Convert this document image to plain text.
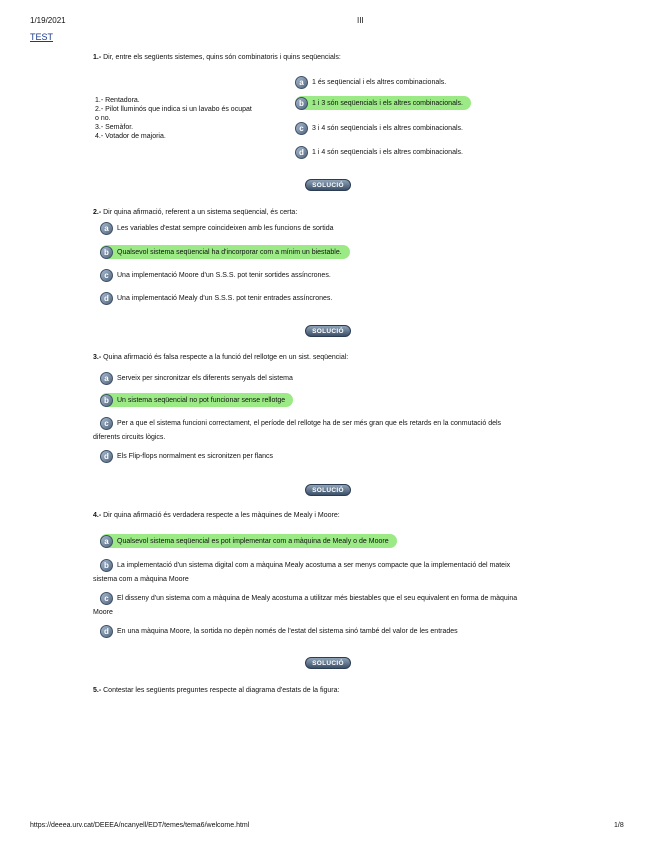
1/19/2021	III
TEST
1.- Dir, entre els següents sistemes, quins són combinatoris i quins seqüencials:
1.- Rentadora.
2.- Pilot lluminós que indica si un lavabo és ocupat
o no.
3.- Semàfor.
4.- Votador de majoria.
a	1 és seqüencial i els altres combinacionals.
b	1 i 3 són seqüencials i els altres combinacionals.
c	3 i 4 són seqüencials i els altres combinacionals.
d	1 i 4 són seqüencials i els altres combinacionals.
SOLUCIÓ
2.- Dir quina afirmació, referent a un sistema seqüencial, és certa:
a	Les variables d'estat sempre coincideixen amb les funcions de sortida
b	Qualsevol sistema seqüencial ha d'incorporar com a mínim un biestable.
c	Una implementació Moore d'un S.S.S. pot tenir sortides assíncrones.
d	Una implementació Mealy d'un S.S.S. pot tenir entrades assíncrones.
SOLUCIÓ
3.- Quina afirmació és falsa respecte a la funció del rellotge en un sist. seqüencial:
a	Serveix per sincronitzar els diferents senyals del sistema
b	Un sistema seqüencial no pot funcionar sense rellotge
c	Per a que el sistema funcioni correctament, el període del rellotge ha de ser més gran que els retards en la conmutació dels
diferents circuits lògics.
d	Els Flip-flops normalment es sicronitzen per flancs
SOLUCIÓ
4.- Dir quina afirmació és verdadera respecte a les màquines de Mealy i Moore:
a	Qualsevol sistema seqüencial es pot implementar com a màquina de Mealy o de Moore
b	La implementació d'un sistema digital com a màquina Mealy acostuma a ser menys compacte que la implementació del mateix
sistema com a màquina Moore
c	El disseny d'un sistema com a màquina de Mealy acostuma a utilitzar més biestables que el seu equivalent en forma de màquina
Moore
d	En una màquina Moore, la sortida no depèn només de l'estat del sistema sinó també del valor de les entrades
SOLUCIÓ
5.- Contestar les següents preguntes respecte al diagrama d'estats de la figura:
https://deeea.urv.cat/DEEEA/ncanyell/EDT/temes/tema6/welcome.html	1/8
